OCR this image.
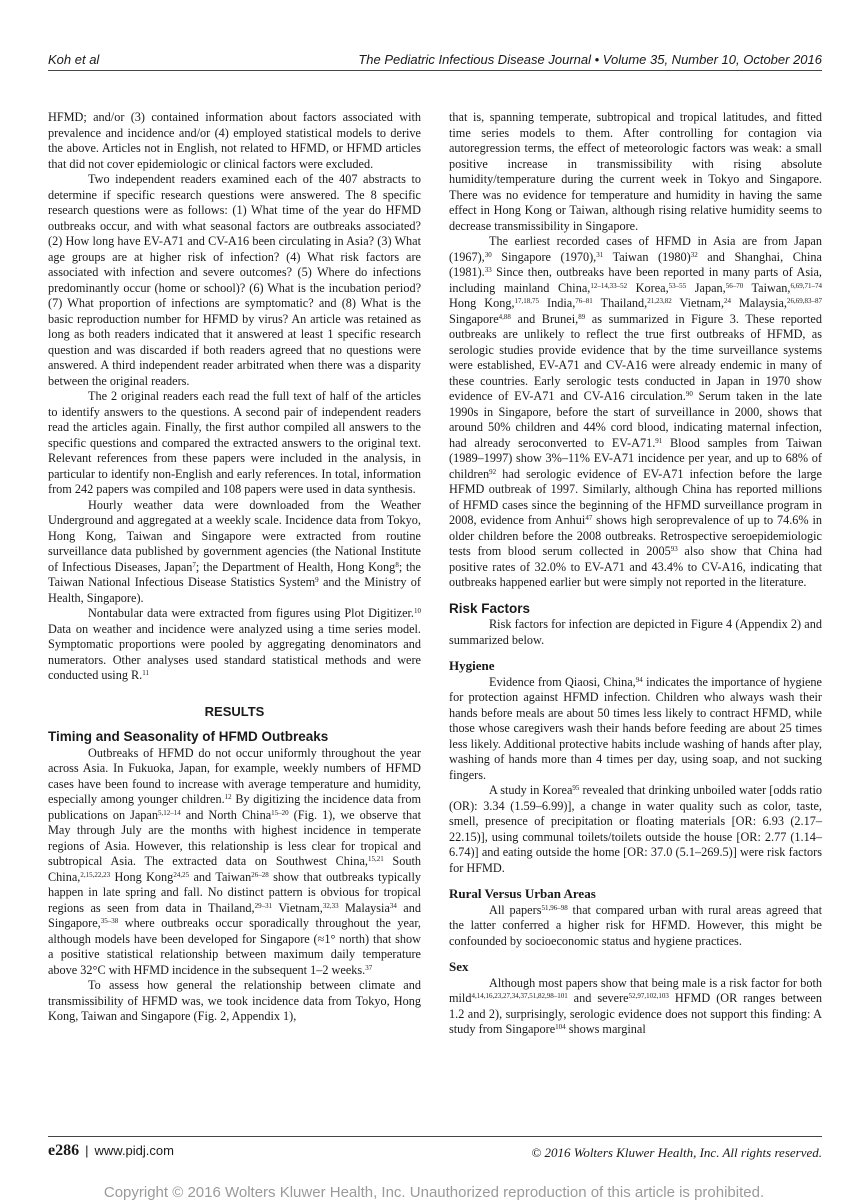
Koh et al	The Pediatric Infectious Disease Journal • Volume 35, Number 10, October 2016

HFMD; and/or (3) contained information about factors associated with prevalence and incidence and/or (4) employed statistical models to derive the above. Articles not in English, not related to HFMD, or HFMD articles that did not cover epidemiologic or clinical factors were excluded.

Two independent readers examined each of the 407 abstracts to determine if specific research questions were answered. The 8 specific research questions were as follows: (1) What time of the year do HFMD outbreaks occur, and with what seasonal factors are outbreaks associated? (2) How long have EV-A71 and CV-A16 been circulating in Asia? (3) What age groups are at higher risk of infection? (4) What risk factors are associated with infection and severe outcomes? (5) Where do infections predominantly occur (home or school)? (6) What is the incubation period? (7) What proportion of infections are symptomatic? and (8) What is the basic reproduction number for HFMD by virus? An article was retained as long as both readers indicated that it answered at least 1 specific research question and was discarded if both readers agreed that no questions were answered. A third independent reader arbitrated when there was a disparity between the original readers.

The 2 original readers each read the full text of half of the articles to identify answers to the questions. A second pair of independent readers read the articles again. Finally, the first author compiled all answers to the specific questions and compared the extracted answers to the original text. Relevant references from these papers were included in the analysis, in particular to identify non-English and early references. In total, information from 242 papers was compiled and 108 papers were used in data synthesis.

Hourly weather data were downloaded from the Weather Underground and aggregated at a weekly scale. Incidence data from Tokyo, Hong Kong, Taiwan and Singapore were extracted from routine surveillance data published by government agencies (the National Institute of Infectious Diseases, Japan$^7$; the Department of Health, Hong Kong$^8$; the Taiwan National Infectious Disease Statistics System$^9$ and the Ministry of Health, Singapore).

Nontabular data were extracted from figures using Plot Digitizer.$^{10}$ Data on weather and incidence were analyzed using a time series model. Symptomatic proportions were pooled by aggregating denominators and numerators. Other analyses used standard statistical methods and were conducted using R.$^{11}$

RESULTS
Timing and Seasonality of HFMD Outbreaks

Outbreaks of HFMD do not occur uniformly throughout the year across Asia. In Fukuoka, Japan, for example, weekly numbers of HFMD cases have been found to increase with average temperature and humidity, especially among younger children.$^{12}$ By digitizing the incidence data from publications on Japan$^{5,12-14}$ and North China$^{15-20}$ (Fig. 1), we observe that May through July are the months with highest incidence in temperate regions of Asia. However, this relationship is less clear for tropical and subtropical Asia. The extracted data on Southwest China,$^{15,21}$ South China,$^{2,15,22,23}$ Hong Kong$^{24,25}$ and Taiwan$^{26-28}$ show that outbreaks typically happen in late spring and fall. No distinct pattern is obvious for tropical regions as seen from data in Thailand,$^{29-31}$ Vietnam,$^{32,33}$ Malaysia$^{34}$ and Singapore,$^{35-38}$ where outbreaks occur sporadically throughout the year, although models have been developed for Singapore (≈1° north) that show a positive statistical relationship between maximum daily temperature above 32°C with HFMD incidence in the subsequent 1–2 weeks.$^{37}$

To assess how general the relationship between climate and transmissibility of HFMD was, we took incidence data from Tokyo, Hong Kong, Taiwan and Singapore (Fig. 2, Appendix 1),

that is, spanning temperate, subtropical and tropical latitudes, and fitted time series models to them. After controlling for contagion via autoregression terms, the effect of meteorologic factors was weak: a small positive increase in transmissibility with rising absolute humidity/temperature during the current week in Tokyo and Singapore. There was no evidence for temperature and humidity in having the same effect in Hong Kong or Taiwan, although rising relative humidity seems to decrease transmissibility in Singapore.

The earliest recorded cases of HFMD in Asia are from Japan (1967),$^{30}$ Singapore (1970),$^{31}$ Taiwan $(1980)^{32}$ and Shanghai, China (1981).$^{33}$ Since then, outbreaks have been reported in many parts of Asia, including mainland China,$^{12-14,33-52}$ Korea,$^{53-55}$ Japan,$^{56-70}$ Taiwan,$^{6,69,71-74}$ Hong Kong,$^{17,18,75}$ India,$^{76-81}$ Thailand,$^{21,23,82}$ Vietnam,$^{24}$ Malaysia,$^{26,69,83-87}$ Singapore$^{4,88}$ and Brunei,$^{89}$ as summarized in Figure 3. These reported outbreaks are unlikely to reflect the true first outbreaks of HFMD, as serologic studies provide evidence that by the time surveillance systems were established, EV-A71 and CV-A16 were already endemic in many of these countries. Early serologic tests conducted in Japan in 1970 show evidence of EV-A71 and CV-A16 circulation.$^{90}$ Serum taken in the late 1990s in Singapore, before the start of surveillance in 2000, shows that around 50% children and 44% cord blood, indicating maternal infection, had already seroconverted to EV-A71.91 Blood samples from Taiwan (1989–1997) show 3%–11% EV-A71 incidence per year, and up to 68% of children$^{92}$ had serologic evidence of EV-A71 infection before the large HFMD outbreak of 1997. Similarly, although China has reported millions of HFMD cases since the beginning of the HFMD surveillance program in 2008, evidence from Anhui$^{47}$ shows high seroprevalence of up to 74.6% in older children before the 2008 outbreaks. Retrospective seroepidemiologic tests from blood serum collected in 2005$^{93}$ also show that China had positive rates of 32.0% to EV-A71 and 43.4% to CV-A16, indicating that outbreaks happened earlier but were simply not reported in the literature.

Risk Factors

Risk factors for infection are depicted in Figure 4 (Appendix 2) and summarized below.

Hygiene

Evidence from Qiaosi, China,$^{94}$ indicates the importance of hygiene for protection against HFMD infection. Children who always wash their hands before meals are about 50 times less likely to contract HFMD, while those whose caregivers wash their hands before feeding are about 25 times less likely. Additional protective habits include washing of hands after play, washing of hands more than 4 times per day, using soap, and not sucking fingers.

A study in Korea$^{95}$ revealed that drinking unboiled water [odds ratio (OR): 3.34 (1.59–6.99)], a change in water quality such as color, taste, smell, presence of precipitation or floating materials [OR: 6.93 (2.17–22.15)], using communal toilets/toilets outside the house [OR: 2.77 (1.14–6.74)] and eating outside the home [OR: 37.0 (5.1–269.5)] were risk factors for HFMD.

Rural Versus Urban Areas

All papers$^{51,96-98}$ that compared urban with rural areas agreed that the latter conferred a higher risk for HFMD. However, this might be confounded by socioeconomic status and hygiene practices.

Sex

Although most papers show that being male is a risk factor for both mild$^{4,14,16,23,27,34,37,51,82,98-101}$ and severe$^{52,97,102,103}$ HFMD (OR ranges between 1.2 and 2), surprisingly, serologic evidence does not support this finding: A study from Singapore$^{104}$ shows marginal

e286 | www.pidj.com	© 2016 Wolters Kluwer Health, Inc. All rights reserved.
Copyright © 2016 Wolters Kluwer Health, Inc. Unauthorized reproduction of this article is prohibited.
